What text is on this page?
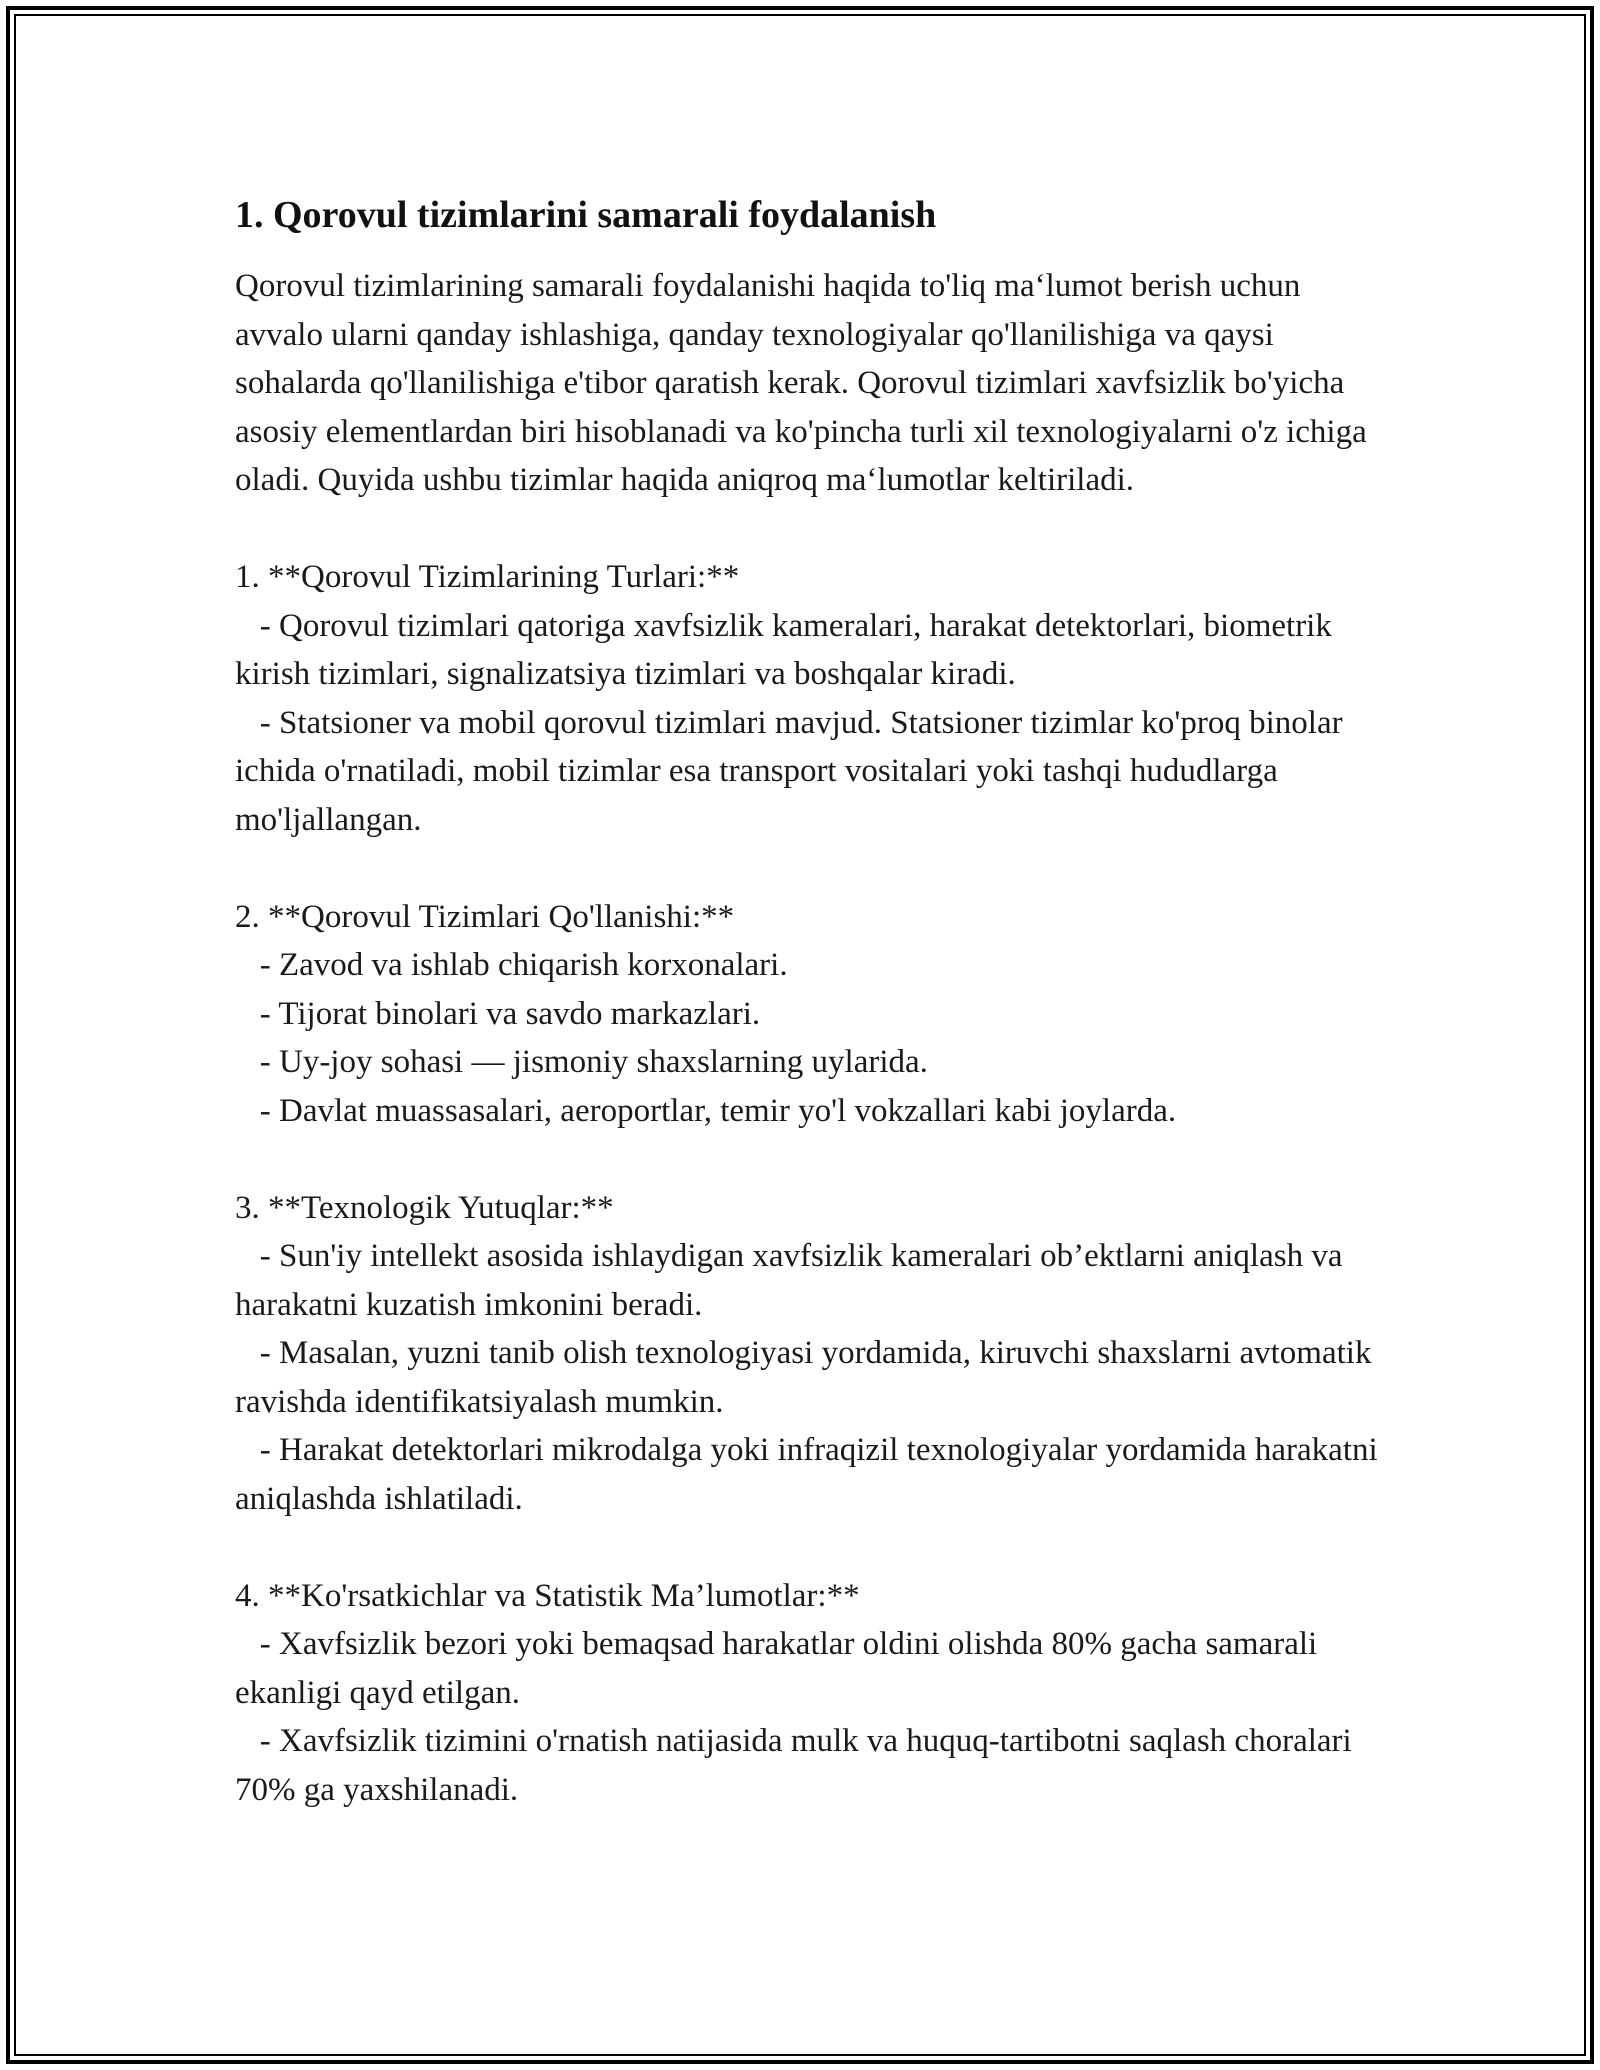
1. Qorovul tizimlarini samarali foydalanish

Qorovul tizimlarining samarali foydalanishi haqida to'liq maʻlumot berish uchun avvalo ularni qanday ishlashiga, qanday texnologiyalar qo'llanilishiga va qaysi sohalarda qo'llanilishiga e'tibor qaratish kerak. Qorovul tizimlari xavfsizlik bo'yicha asosiy elementlardan biri hisoblanadi va ko'pincha turli xil texnologiyalarni o'z ichiga oladi. Quyida ushbu tizimlar haqida aniqroq maʻlumotlar keltiriladi.

1. **Qorovul Tizimlarining Turlari:**

- Qorovul tizimlari qatoriga xavfsizlik kameralari, harakat detektorlari, biometrik kirish tizimlari, signalizatsiya tizimlari va boshqalar kiradi.

- Statsioner va mobil qorovul tizimlari mavjud. Statsioner tizimlar ko'proq binolar ichida o'rnatiladi, mobil tizimlar esa transport vositalari yoki tashqi hududlarga mo'ljallangan.

2. **Qorovul Tizimlari Qo'llanishi:**

- Zavod va ishlab chiqarish korxonalari.

- Tijorat binolari va savdo markazlari.

- Uy-joy sohasi — jismoniy shaxslarning uylarida.

- Davlat muassasalari, aeroportlar, temir yo'l vokzallari kabi joylarda.

3. **Texnologik Yutuqlar:**

- Sun'iy intellekt asosida ishlaydigan xavfsizlik kameralari ob’ektlarni aniqlash va harakatni kuzatish imkonini beradi.

- Masalan, yuzni tanib olish texnologiyasi yordamida, kiruvchi shaxslarni avtomatik ravishda identifikatsiyalash mumkin.

- Harakat detektorlari mikrodalga yoki infraqizil texnologiyalar yordamida harakatni aniqlashda ishlatiladi.

4. **Ko'rsatkichlar va Statistik Ma’lumotlar:**

- Xavfsizlik bezori yoki bemaqsad harakatlar oldini olishda 80% gacha samarali ekanligi qayd etilgan.

- Xavfsizlik tizimini o'rnatish natijasida mulk va huquq-tartibotni saqlash choralari 70% ga yaxshilanadi.
